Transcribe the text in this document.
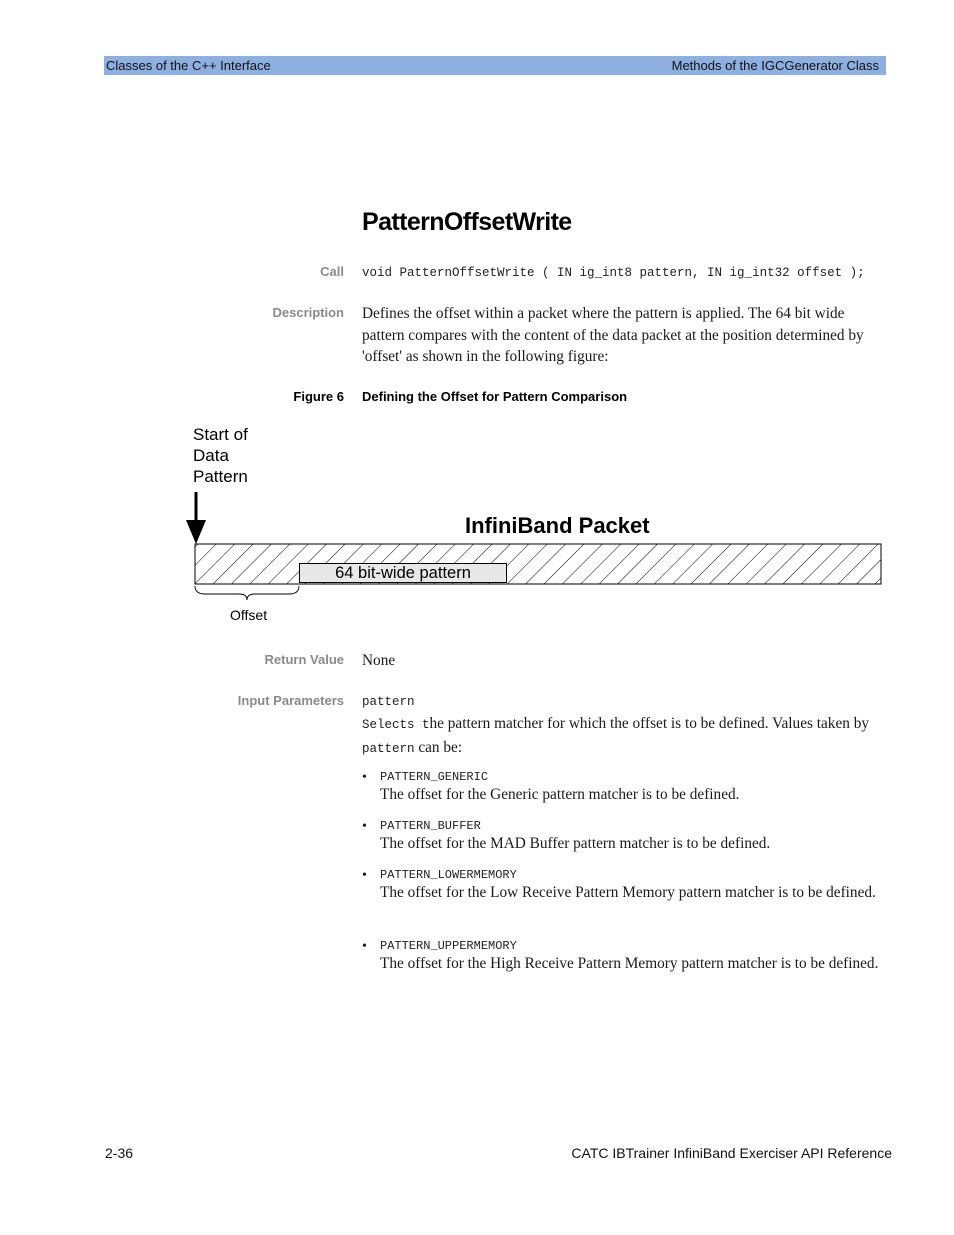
Classes of the C++ Interface	Methods of the IGCGenerator Class
PatternOffsetWrite
Call void PatternOffsetWrite ( IN ig_int8 pattern, IN ig_int32 offset );
Description Defines the offset within a packet where the pattern is applied. The 64 bit wide pattern compares with the content of the data packet at the position determined by 'offset' as shown in the following figure:
Figure 6 Defining the Offset for Pattern Comparison
Start of
Data
Pattern
InfiniBand Packet
64 bit-wide pattern
Offset
Return Value None
Input Parameters pattern
Selects the pattern matcher for which the offset is to be defined. Values taken by pattern can be:
• PATTERN_GENERIC
The offset for the Generic pattern matcher is to be defined.
• PATTERN_BUFFER
The offset for the MAD Buffer pattern matcher is to be defined.
• PATTERN_LOWERMEMORY
The offset for the Low Receive Pattern Memory pattern matcher is to be defined.
• PATTERN_UPPERMEMORY
The offset for the High Receive Pattern Memory pattern matcher is to be defined.
2-36	CATC IBTrainer InfiniBand Exerciser API Reference
